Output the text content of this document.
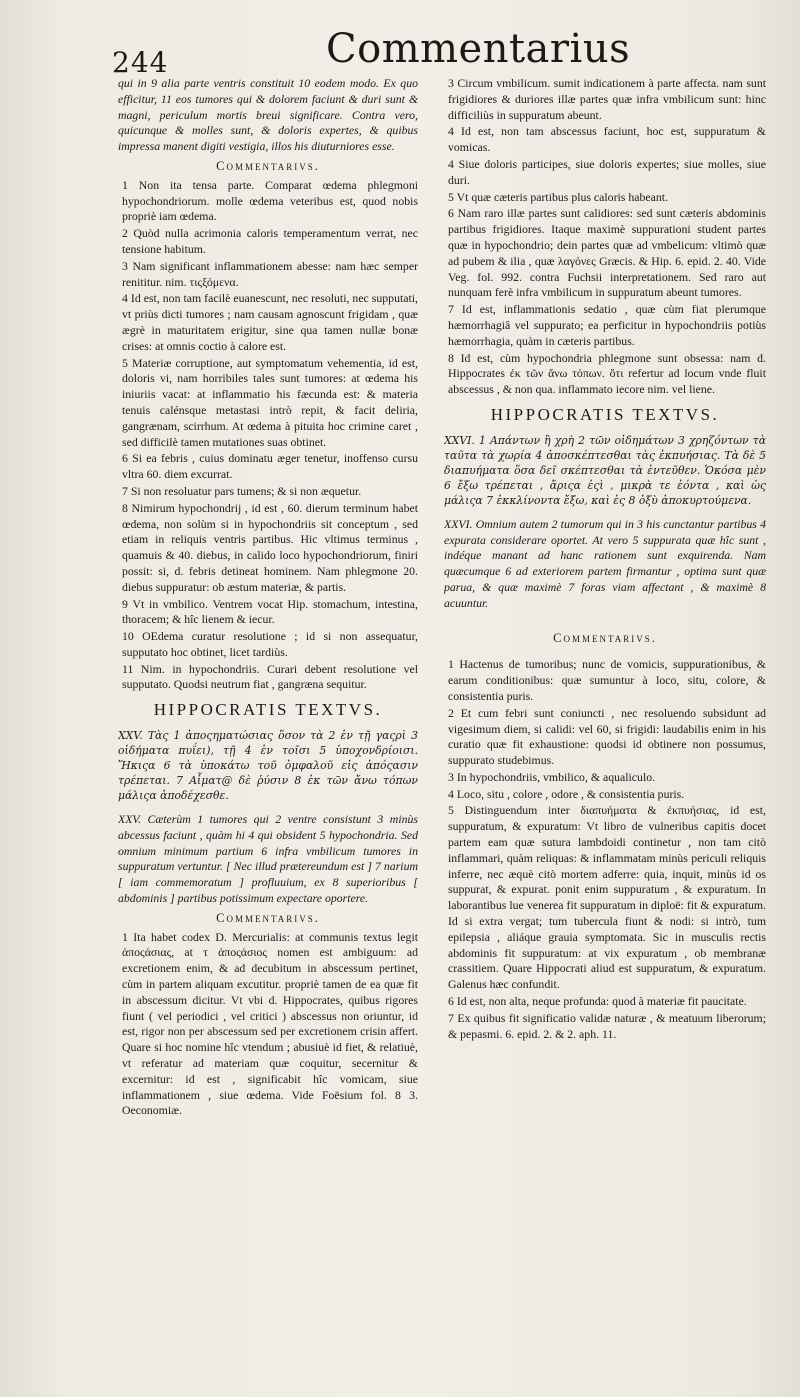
244	Commentarius

qui in 9 alia parte ventris constituit 10 eodem modo. Ex quo efficitur, 11 eos tumores qui & dolorem faciunt & duri sunt & magni, periculum mortis breui significare. Contra vero, quicunque & molles sunt, & doloris expertes, & quibus impressa manent digiti vestigia, illos his diuturniores esse.

Commentarivs.

1 Non ita tensa parte. Comparat œdema phlegmoni hypochondriorum. molle œdema veteribus est, quod nobis propriè iam œdema.

2 Quòd nulla acrimonia caloris temperamentum verrat, nec tensione habitum.

3 Nam significant inflammationem abesse: nam hæc semper renititur. nim. τιςξόμενα.

4 Id est, non tam facilè euanescunt, nec resoluti, nec supputati, vt priùs dicti tumores ; nam causam agnoscunt frigidam , quæ ægrè in maturitatem erigitur, sine qua tamen nullæ bonæ crises: at omnis coctio à calore est.

5 Materiæ corruptione, aut symptomatum vehementia, id est, doloris vi, nam horribiles tales sunt tumores: at œdema his iniuriis vacat: at inflammatio his fæcunda est: & materia tenuis calénsque metastasi intrò repit, & facit deliria, gangrænam, scirrhum. At œdema à pituita hoc crimine caret , sed difficilè tamen mutationes suas obtinet.

6 Si ea febris , cuius dominatu æger tenetur, inoffenso cursu vltra 60. diem excurrat.

7 Si non resoluatur pars tumens; & si non æquetur.

8 Nimirum hypochondrij , id est , 60. dierum terminum habet œdema, non solùm si in hypochondriis sit conceptum , sed etiam in reliquis ventris partibus. Hic vltimus terminus , quamuis & 40. diebus, in calido loco hypochondriorum, finiri possit: si, d. febris detineat hominem. Nam phlegmone 20. diebus suppuratur: ob æstum materiæ, & partis.

9 Vt in vmbilico. Ventrem vocat Hip. stomachum, intestina, thoracem; & hîc lienem & iecur.

10 OEdema curatur resolutione ; id si non assequatur, supputato hoc obtinet, licet tardiùs.

11 Nim. in hypochondriis. Curari debent resolutione vel supputato. Quodsi neutrum fiat , gangræna sequitur.

HIPPOCRATIS TEXTVS.

ΧΧV. Τὰς 1 ἀποςηματώσιας ὅσον τὰ 2 ἐν τῇ γαςρὶ 3 οἰδήματα πυΐει), τῇ 4 ἐν τοῖσι 5 ὑποχονδρίοισι. Ἥκιςα 6 τὰ ὑποκάτω τοῦ ὀμφαλοῦ εἰς ἀπόςασιν τρέπεται. 7 Αἷματ@ δὲ ῥύσιν 8 ἐκ τῶν ἄνω τόπων μάλιςα ἀποδέχεσθε.

ΧΧV. Cæterùm 1 tumores qui 2 ventre consistunt 3 minùs abcessus faciunt , quàm hi 4 qui obsident 5 hypochondria. Sed omnium minimum partium 6 infra vmbilicum tumores in suppuratum vertuntur. [ Nec illud prætereundum est ] 7 narium [ iam commemoratum ] profluuium, ex 8 superioribus [ abdominis ] partibus potissimum expectare oportere.

Commentarivs.

1 Ita habet codex D. Mercurialis: at communis textus legit ἀποςάσιας, at τ ἀποςάσιος nomen est ambiguum: ad excretionem enim, & ad decubitum in abscessum pertinet, cùm in partem aliquam excutitur. propriè tamen de ea quæ fit in abscessum dicitur. Vt vbi d. Hippocrates, quibus rigores fiunt ( vel periodici , vel critici ) abscessus non oriuntur, id est, rigor non per abscessum sed per excretionem crisin affert. Quare si hoc nomine hîc vtendum ; abusiuè id fiet, & relatiuè, vt referatur ad materiam quæ coquitur, secernitur & excernitur: id est , significabit hîc vomicam, siue inflammationem , siue œdema. Vide Foësium fol. 8 3. Oeconomiæ.

3 Circum vmbilicum. sumit indicationem à parte affecta. nam sunt frigidiores & duriores illæ partes quæ infra vmbilicum sunt: hinc difficiliùs in suppuratum abeunt.

4 Id est, non tam abscessus faciunt, hoc est, suppuratum & vomicas.

4 Siue doloris participes, siue doloris expertes; siue molles, siue duri.

5 Vt quæ cæteris partibus plus caloris habeant.

6 Nam raro illæ partes sunt calidiores: sed sunt cæteris abdominis partibus frigidiores. Itaque maximè suppurationi student partes quæ in hypochondrio; dein partes quæ ad vmbelicum: vltimò quæ ad pubem & ilia , quæ λαγόνες Græcis. & Hip. 6. epid. 2. 40. Vide Veg. fol. 992. contra Fuchsii interpretationem. Sed raro aut nunquam ferè infra vmbilicum in suppuratum abeunt tumores.

7 Id est, inflammationis sedatio , quæ cùm fiat plerumque hæmorrhagiâ vel suppurato; ea perficitur in hypochondriis potiùs hæmorrhagia, quàm in cæteris partibus.

8 Id est, cùm hypochondria phlegmone sunt obsessa: nam d. Hippocrates ἐκ τῶν ἄνω τόπων. ὅτι refertur ad locum vnde fluit abscessus , & non qua. inflammato iecore nim. vel liene.

HIPPOCRATIS TEXTVS.

ΧΧVΙ. 1 Απάντων ἢ χρὴ 2 τῶν οἰδημάτων 3 χρηζόντων τὰ ταῦτα τὰ χωρία 4 ἀποσκέπτεσθαι τὰς ἐκπυήσιας. Τὰ δὲ 5 διαπυήματα ὅσα δεῖ σκέπτεσθαι τὰ ἐντεῦθεν. Ὁκόσα μὲν 6 ἔξω τρέπεται , ἄριςα ἐςὶ , μικρὰ τε ἐόντα , καὶ ὡς μάλιςα 7 ἐκκλίνοντα ἔξω, καὶ ἐς 8 ὀξὺ ἀποκυρτούμενα.

ΧΧVΙ. Omnium autem 2 tumorum qui in 3 his cunctantur partibus 4 expurata considerare oportet. At vero 5 suppurata quæ hîc sunt , indéque manant ad hanc rationem sunt exquirenda. Nam quæcumque 6 ad exteriorem partem firmantur , optima sunt quæ parua, & quæ maximè 7 foras viam affectant , & maximè 8 acuuntur.

Commentarivs.

1 Hactenus de tumoribus; nunc de vomicis, suppurationibus, & earum conditionibus: quæ sumuntur à loco, situ, colore, & consistentia puris.

2 Et cum febri sunt coniuncti , nec resoluendo subsidunt ad vigesimum diem, si calidi: vel 60, si frigidi: laudabilis enim in his curatio quæ fit exhaustione: quodsi id obtinere non possumus, suppurato studebimus.

3 In hypochondriis, vmbilico, & aqualiculo.

4 Loco, situ , colore , odore , & consistentia puris.

5 Distinguendum inter διαπυήματα & ἐκπυήσιας, id est, suppuratum, & expuratum: Vt libro de vulneribus capitis docet partem eam quæ sutura lambdoidi continetur , non tam citò inflammari, quàm reliquas: & inflammatam minùs periculi reliquis inferre, nec æquè citò mortem adferre: quia, inquit, minùs id os suppurat, & expurat. ponit enim suppuratum , & expuratum. In laborantibus lue venerea fit suppuratum in diploë: fit & expuratum. Id si extra vergat; tum tubercula fiunt & nodi: si intrò, tum epilepsia , aliáque grauia symptomata. Sic in musculis rectis abdominis fit suppuratum: at vix expuratum , ob membranæ crassitiem. Quare Hippocrati aliud est suppuratum, & expuratum. Galenus hæc confundit.

6 Id est, non alta, neque profunda: quod à materiæ fit paucitate.

7 Ex quibus fit significatio validæ naturæ , & meatuum liberorum; & pepasmi. 6. epid. 2. & 2. aph. 11.
